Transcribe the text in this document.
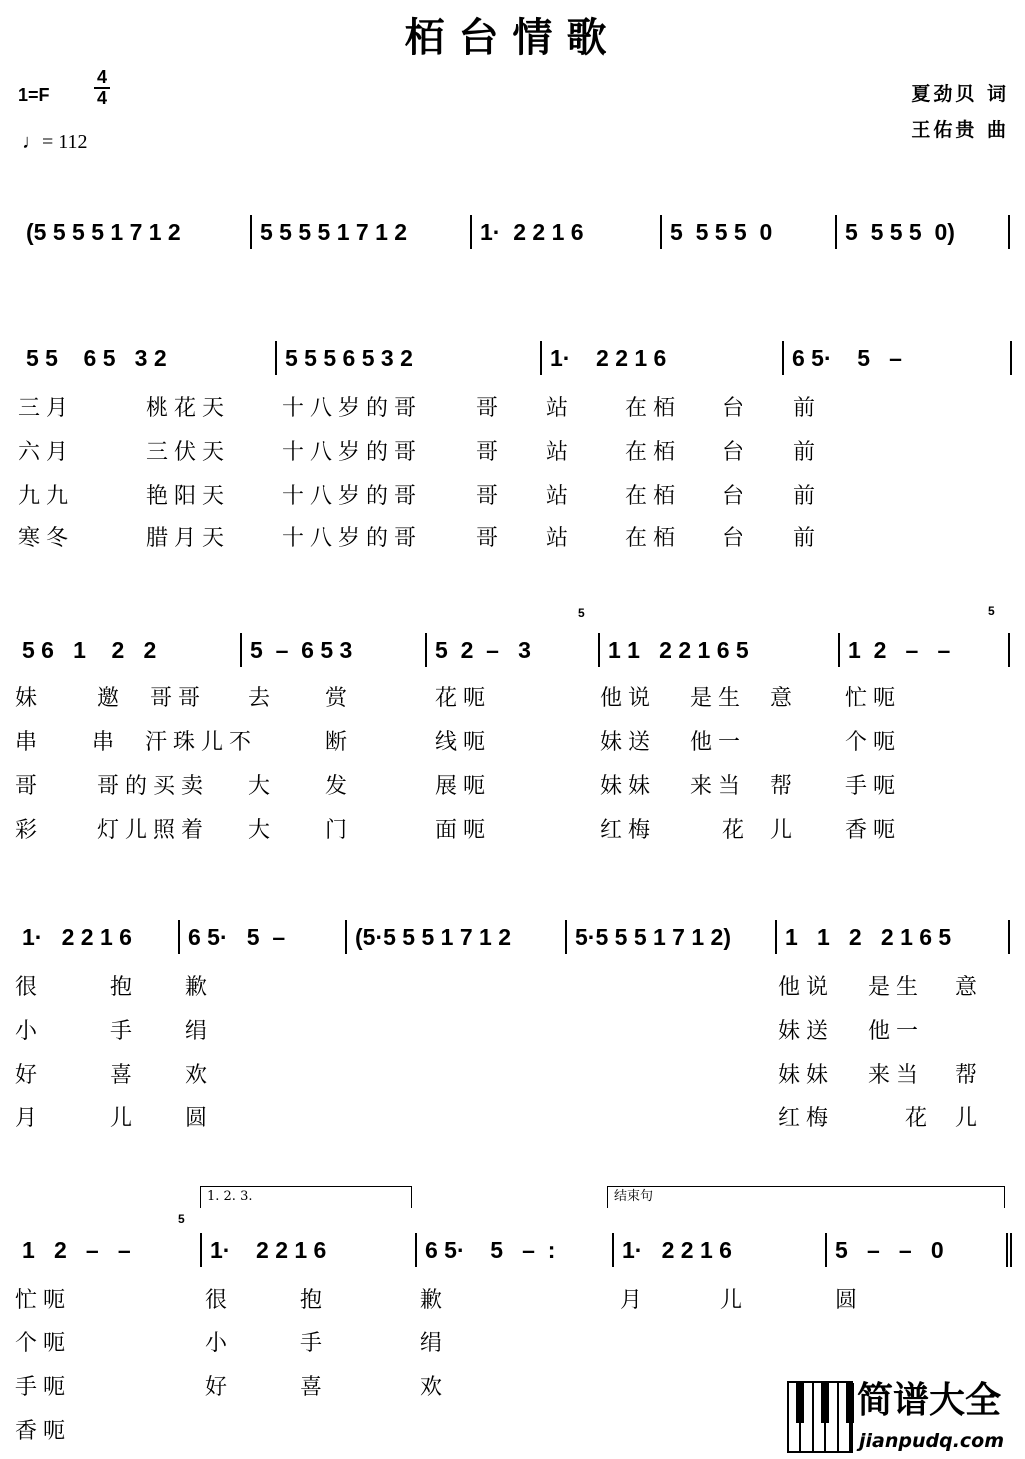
栢台情歌
1=F
4
4
♩= 112
夏劲贝 词
王佑贵 曲
(5 5 5 5 1 7 1 2	5 5 5 5 1 7 1 2	1·  2 2 1 6	5  5 5 5  0	5  5 5 5  0)
5 5    6 5   3 2	5 5 5 6 5 3 2	1·    2 2 1 6	6 5·    5   –
三月	桃花天 十八岁的哥 哥 站 在栢 台 前
六月	三伏天 十八岁的哥 哥 站 在栢 台 前
九九	艳阳天 十八岁的哥 哥 站 在栢 台 前
寒冬	腊月天 十八岁的哥 哥 站 在栢 台 前
5 6   1    2   2	5  –  6 5 3	5  2  –   3	1 1   2 2 1 6 5	1  2   –   –
5	5
妹 邀 哥哥 去 赏	花呃	他说 是生 意 忙呃
串 串 汗珠儿不	断	线呃	妹送 他一	个呃
哥 哥的买卖 大 发	展呃	妹妹 来当 帮 手呃
彩 灯儿照着 大 门	面呃	红梅	花 儿 香呃
1·   2 2 1 6	6 5·   5  –	(5·5 5 5 1 7 1 2	5·5 5 5 1 7 1 2)	1   1   2   2 1 6 5
很	抱 歉	他说 是生 意
小	手 绢	妹送 他一
好	喜 欢	妹妹 来当 帮
月	儿 圆	红梅	花 儿
1   2   –   –	1·    2 2 1 6	6 5·    5   –  :	1·   2 2 1 6	5   –   –   0
5
1. 2. 3.	结束句
忙呃	很	抱	歉	月	儿	圆
个呃	小	手	绢
手呃	好	喜	欢
香呃
简谱大全
jianpudq.com
